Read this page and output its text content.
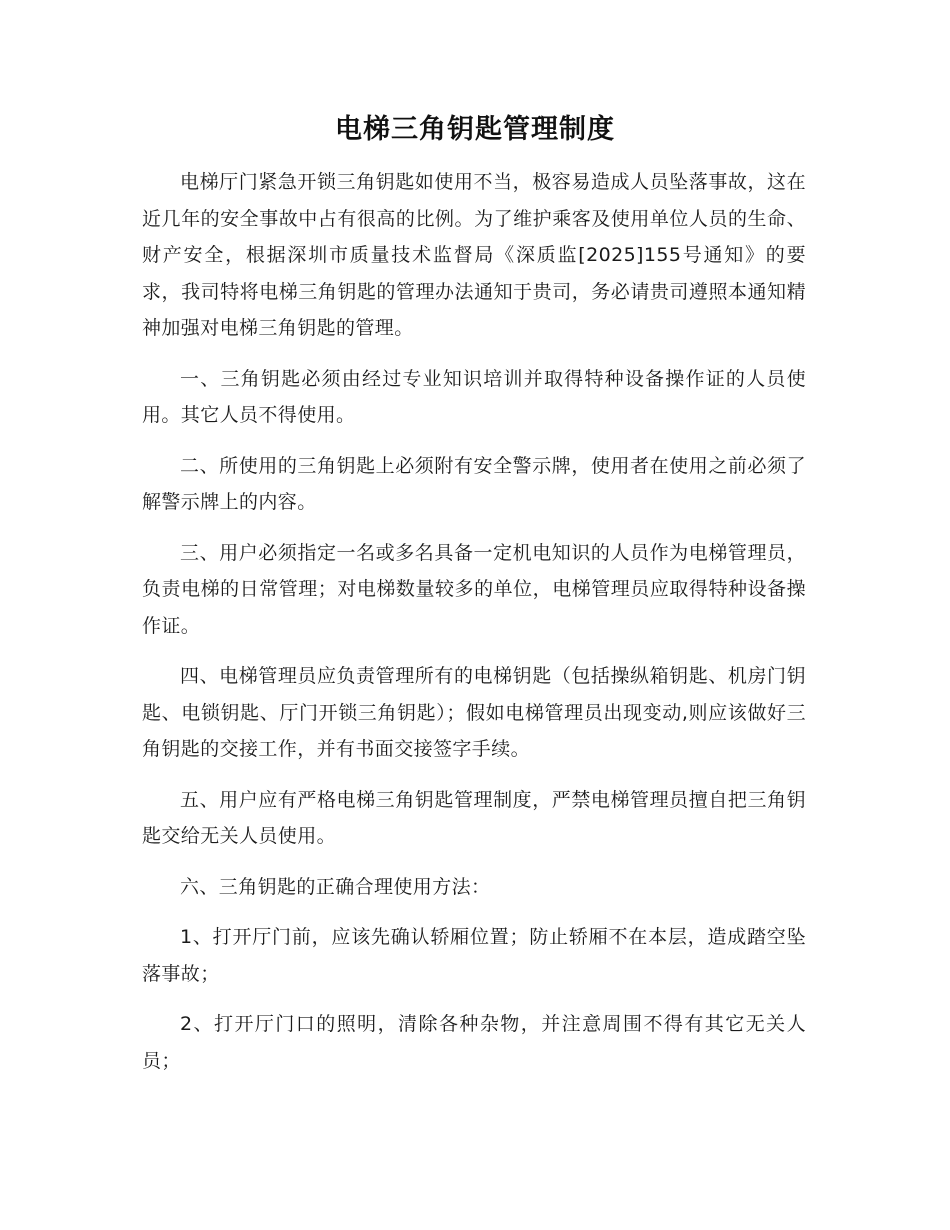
电梯三角钥匙管理制度

电梯厅门紧急开锁三角钥匙如使用不当，极容易造成人员坠落事故，这在近几年的安全事故中占有很高的比例。为了维护乘客及使用单位人员的生命、财产安全，根据深圳市质量技术监督局《深质监[2025]155号通知》的要求，我司特将电梯三角钥匙的管理办法通知于贵司，务必请贵司遵照本通知精神加强对电梯三角钥匙的管理。

一、三角钥匙必须由经过专业知识培训并取得特种设备操作证的人员使用。其它人员不得使用。

二、所使用的三角钥匙上必须附有安全警示牌，使用者在使用之前必须了解警示牌上的内容。

三、用户必须指定一名或多名具备一定机电知识的人员作为电梯管理员，负责电梯的日常管理；对电梯数量较多的单位，电梯管理员应取得特种设备操作证。

四、电梯管理员应负责管理所有的电梯钥匙（包括操纵箱钥匙、机房门钥匙、电锁钥匙、厅门开锁三角钥匙）；假如电梯管理员出现变动,则应该做好三角钥匙的交接工作，并有书面交接签字手续。

五、用户应有严格电梯三角钥匙管理制度，严禁电梯管理员擅自把三角钥匙交给无关人员使用。

六、三角钥匙的正确合理使用方法：

1、打开厅门前，应该先确认轿厢位置；防止轿厢不在本层，造成踏空坠落事故；

2、打开厅门口的照明，清除各种杂物，并注意周围不得有其它无关人员；
